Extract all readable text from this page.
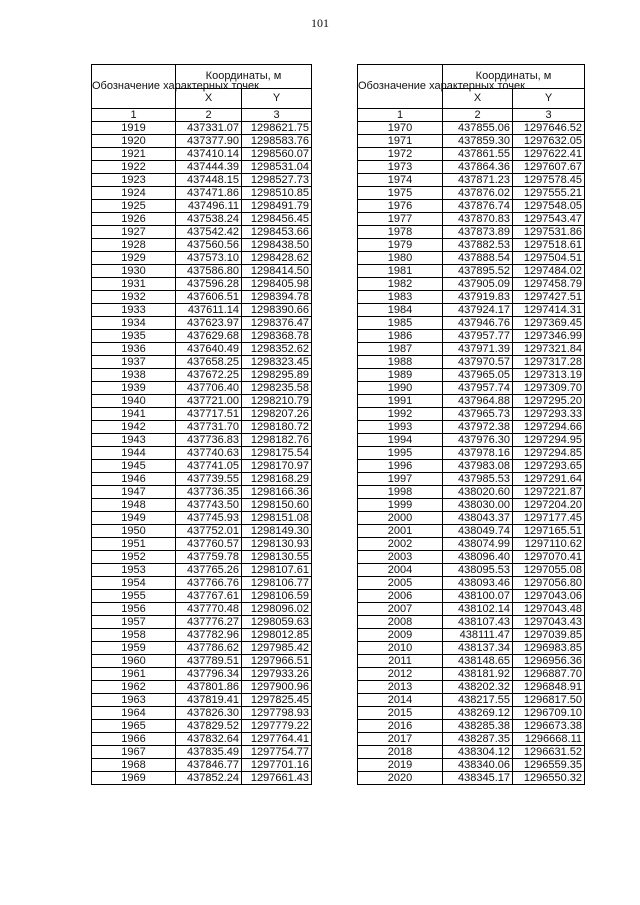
101
Обозначение характерных точек	Координаты, м	
	X	Y
1	2	3
1919	437331.07	1298621.75
1920	437377.90	1298583.76
1921	437410.14	1298560.07
1922	437444.39	1298531.04
1923	437448.15	1298527.73
1924	437471.86	1298510.85
1925	437496.11	1298491.79
1926	437538.24	1298456.45
1927	437542.42	1298453.66
1928	437560.56	1298438.50
1929	437573.10	1298428.62
1930	437586.80	1298414.50
1931	437596.28	1298405.98
1932	437606.51	1298394.78
1933	437611.14	1298390.66
1934	437623.97	1298376.47
1935	437629.68	1298368.78
1936	437640.49	1298352.62
1937	437658.25	1298323.45
1938	437672.25	1298295.89
1939	437706.40	1298235.58
1940	437721.00	1298210.79
1941	437717.51	1298207.26
1942	437731.70	1298180.72
1943	437736.83	1298182.76
1944	437740.63	1298175.54
1945	437741.05	1298170.97
1946	437739.55	1298168.29
1947	437736.35	1298166.36
1948	437743.50	1298150.60
1949	437745.93	1298151.08
1950	437752.01	1298149.30
1951	437760.57	1298130.93
1952	437759.78	1298130.55
1953	437765.26	1298107.61
1954	437766.76	1298106.77
1955	437767.61	1298106.59
1956	437770.48	1298096.02
1957	437776.27	1298059.63
1958	437782.96	1298012.85
1959	437786.62	1297985.42
1960	437789.51	1297966.51
1961	437796.34	1297933.26
1962	437801.86	1297900.96
1963	437819.41	1297825.45
1964	437826.30	1297798.93
1965	437829.52	1297779.22
1966	437832.64	1297764.41
1967	437835.49	1297754.77
1968	437846.77	1297701.16
1969	437852.24	1297661.43
Обозначение характерных точек	Координаты, м	
	X	Y
1	2	3
1970	437855.06	1297646.52
1971	437859.30	1297632.05
1972	437861.55	1297622.41
1973	437864.36	1297607.67
1974	437871.23	1297578.45
1975	437876.02	1297555.21
1976	437876.74	1297548.05
1977	437870.83	1297543.47
1978	437873.89	1297531.86
1979	437882.53	1297518.61
1980	437888.54	1297504.51
1981	437895.52	1297484.02
1982	437905.09	1297458.79
1983	437919.83	1297427.51
1984	437924.17	1297414.31
1985	437946.76	1297369.45
1986	437957.77	1297346.99
1987	437971.39	1297321.84
1988	437970.57	1297317.28
1989	437965.05	1297313.19
1990	437957.74	1297309.70
1991	437964.88	1297295.20
1992	437965.73	1297293.33
1993	437972.38	1297294.66
1994	437976.30	1297294.95
1995	437978.16	1297294.85
1996	437983.08	1297293.65
1997	437985.53	1297291.64
1998	438020.60	1297221.87
1999	438030.00	1297204.20
2000	438043.37	1297177.45
2001	438049.74	1297165.51
2002	438074.99	1297110.62
2003	438096.40	1297070.41
2004	438095.53	1297055.08
2005	438093.46	1297056.80
2006	438100.07	1297043.06
2007	438102.14	1297043.48
2008	438107.43	1297043.43
2009	438111.47	1297039.85
2010	438137.34	1296983.85
2011	438148.65	1296956.36
2012	438181.92	1296887.70
2013	438202.32	1296848.91
2014	438217.55	1296817.50
2015	438269.12	1296709.10
2016	438285.38	1296673.38
2017	438287.35	1296668.11
2018	438304.12	1296631.52
2019	438340.06	1296559.35
2020	438345.17	1296550.32
